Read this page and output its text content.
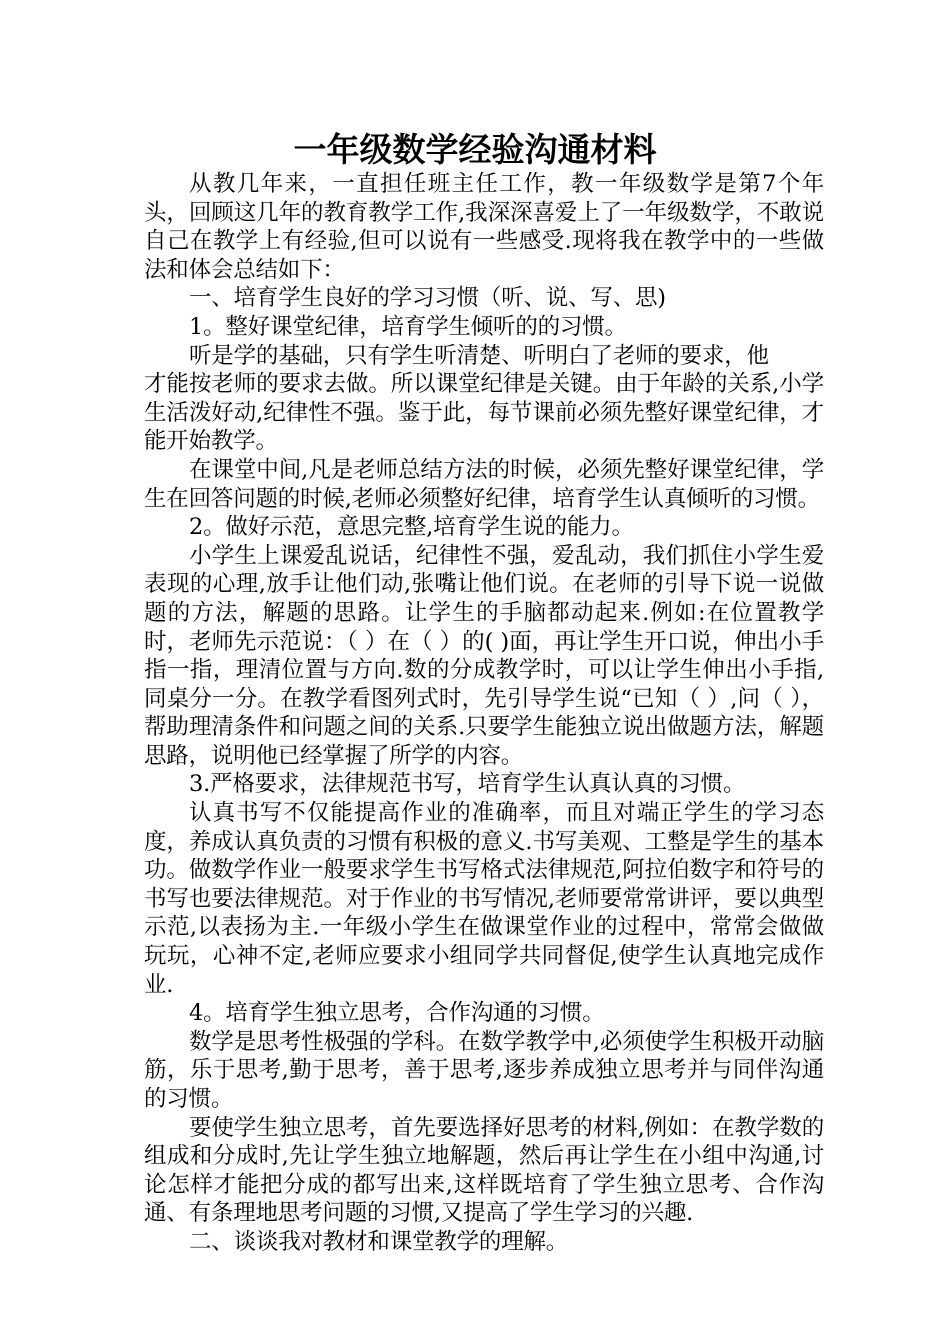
一年级数学经验沟通材料

从教几年来，一直担任班主任工作，教一年级数学是第7个年头，回顾这几年的教育教学工作,我深深喜爱上了一年级数学，不敢说自己在教学上有经验,但可以说有一些感受.现将我在教学中的一些做法和体会总结如下：

一、培育学生良好的学习习惯（听、说、写、思)

1。整好课堂纪律，培育学生倾听的的习惯。

听是学的基础，只有学生听清楚、听明白了老师的要求，他

才能按老师的要求去做。所以课堂纪律是关键。由于年龄的关系,小学生活泼好动,纪律性不强。鉴于此，每节课前必须先整好课堂纪律，才能开始教学。

在课堂中间,凡是老师总结方法的时候，必须先整好课堂纪律，学生在回答问题的时候,老师必须整好纪律，培育学生认真倾听的习惯。

2。做好示范，意思完整,培育学生说的能力。

小学生上课爱乱说话，纪律性不强，爱乱动，我们抓住小学生爱表现的心理,放手让他们动,张嘴让他们说。在老师的引导下说一说做题的方法，解题的思路。让学生的手脑都动起来.例如:在位置教学时，老师先示范说：（ ）在（ ）的( )面，再让学生开口说，伸出小手指一指，理清位置与方向.数的分成教学时，可以让学生伸出小手指,同桌分一分。在教学看图列式时，先引导学生说“已知（ ）,问（ ），帮助理清条件和问题之间的关系.只要学生能独立说出做题方法，解题思路，说明他已经掌握了所学的内容。

3.严格要求，法律规范书写，培育学生认真认真的习惯。

认真书写不仅能提高作业的准确率，而且对端正学生的学习态度，养成认真负责的习惯有积极的意义.书写美观、工整是学生的基本功。做数学作业一般要求学生书写格式法律规范,阿拉伯数字和符号的书写也要法律规范。对于作业的书写情况,老师要常常讲评，要以典型示范,以表扬为主.一年级小学生在做课堂作业的过程中，常常会做做玩玩，心神不定,老师应要求小组同学共同督促,使学生认真地完成作业.

4。培育学生独立思考，合作沟通的习惯。

数学是思考性极强的学科。在数学教学中,必须使学生积极开动脑筋，乐于思考,勤于思考，善于思考,逐步养成独立思考并与同伴沟通的习惯。

要使学生独立思考，首先要选择好思考的材料,例如：在教学数的组成和分成时,先让学生独立地解题，然后再让学生在小组中沟通,讨论怎样才能把分成的都写出来,这样既培育了学生独立思考、合作沟通、有条理地思考问题的习惯,又提高了学生学习的兴趣.

二、谈谈我对教材和课堂教学的理解。
